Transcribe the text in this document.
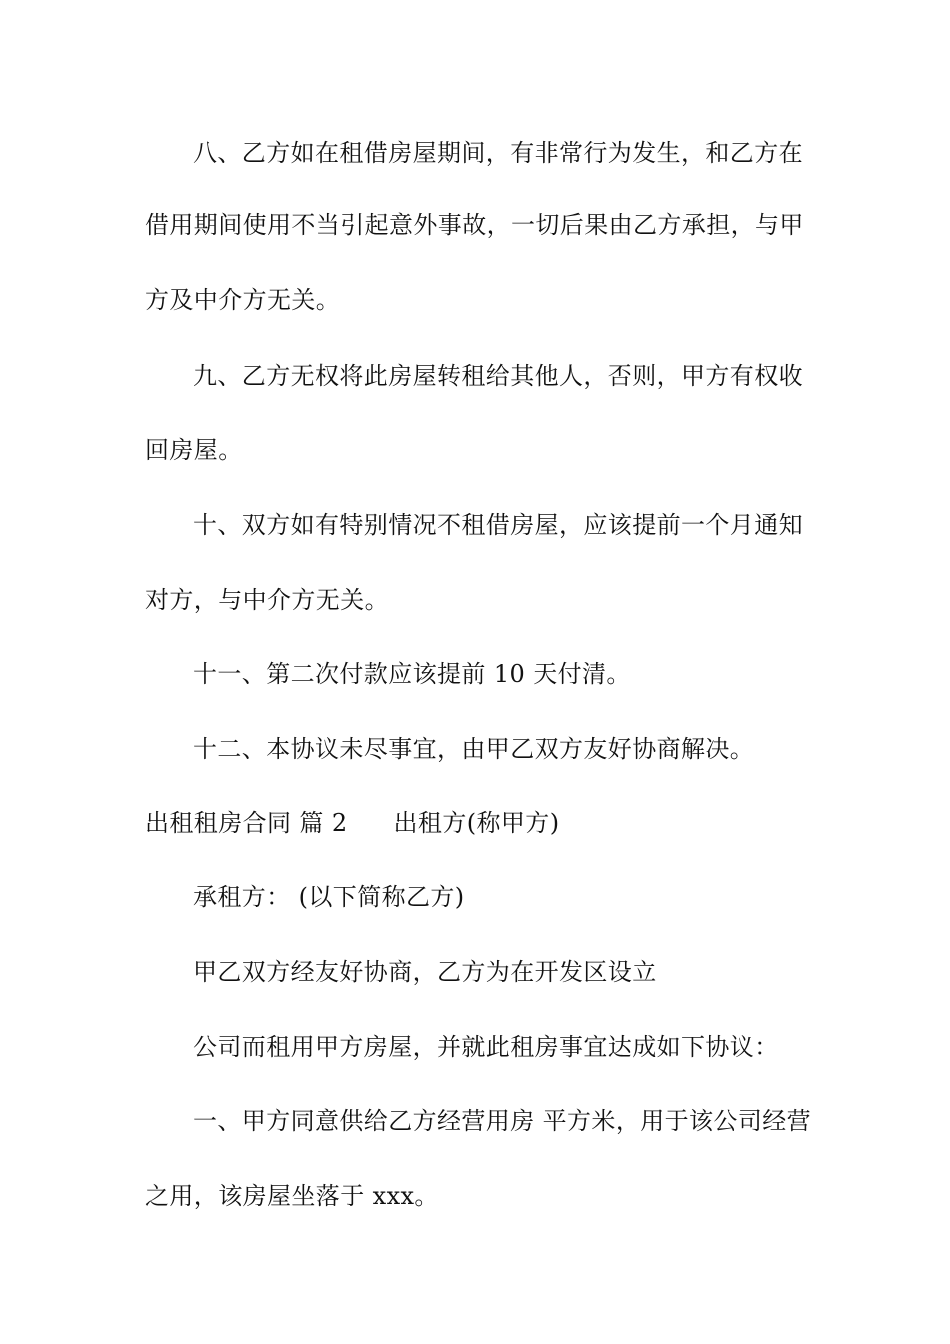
八、乙方如在租借房屋期间，有非常行为发生，和乙方在
借用期间使用不当引起意外事故，一切后果由乙方承担，与甲
方及中介方无关。
九、乙方无权将此房屋转租给其他人，否则，甲方有权收
回房屋。
十、双方如有特别情况不租借房屋，应该提前一个月通知
对方，与中介方无关。
十一、第二次付款应该提前 10 天付清。
十二、本协议未尽事宜，由甲乙双方友好协商解决。
出租租房合同 篇 2 出租方(称甲方)
承租方： (以下简称乙方)
甲乙双方经友好协商，乙方为在开发区设立
公司而租用甲方房屋，并就此租房事宜达成如下协议：
一、甲方同意供给乙方经营用房 平方米，用于该公司经营
之用，该房屋坐落于 xxx。
